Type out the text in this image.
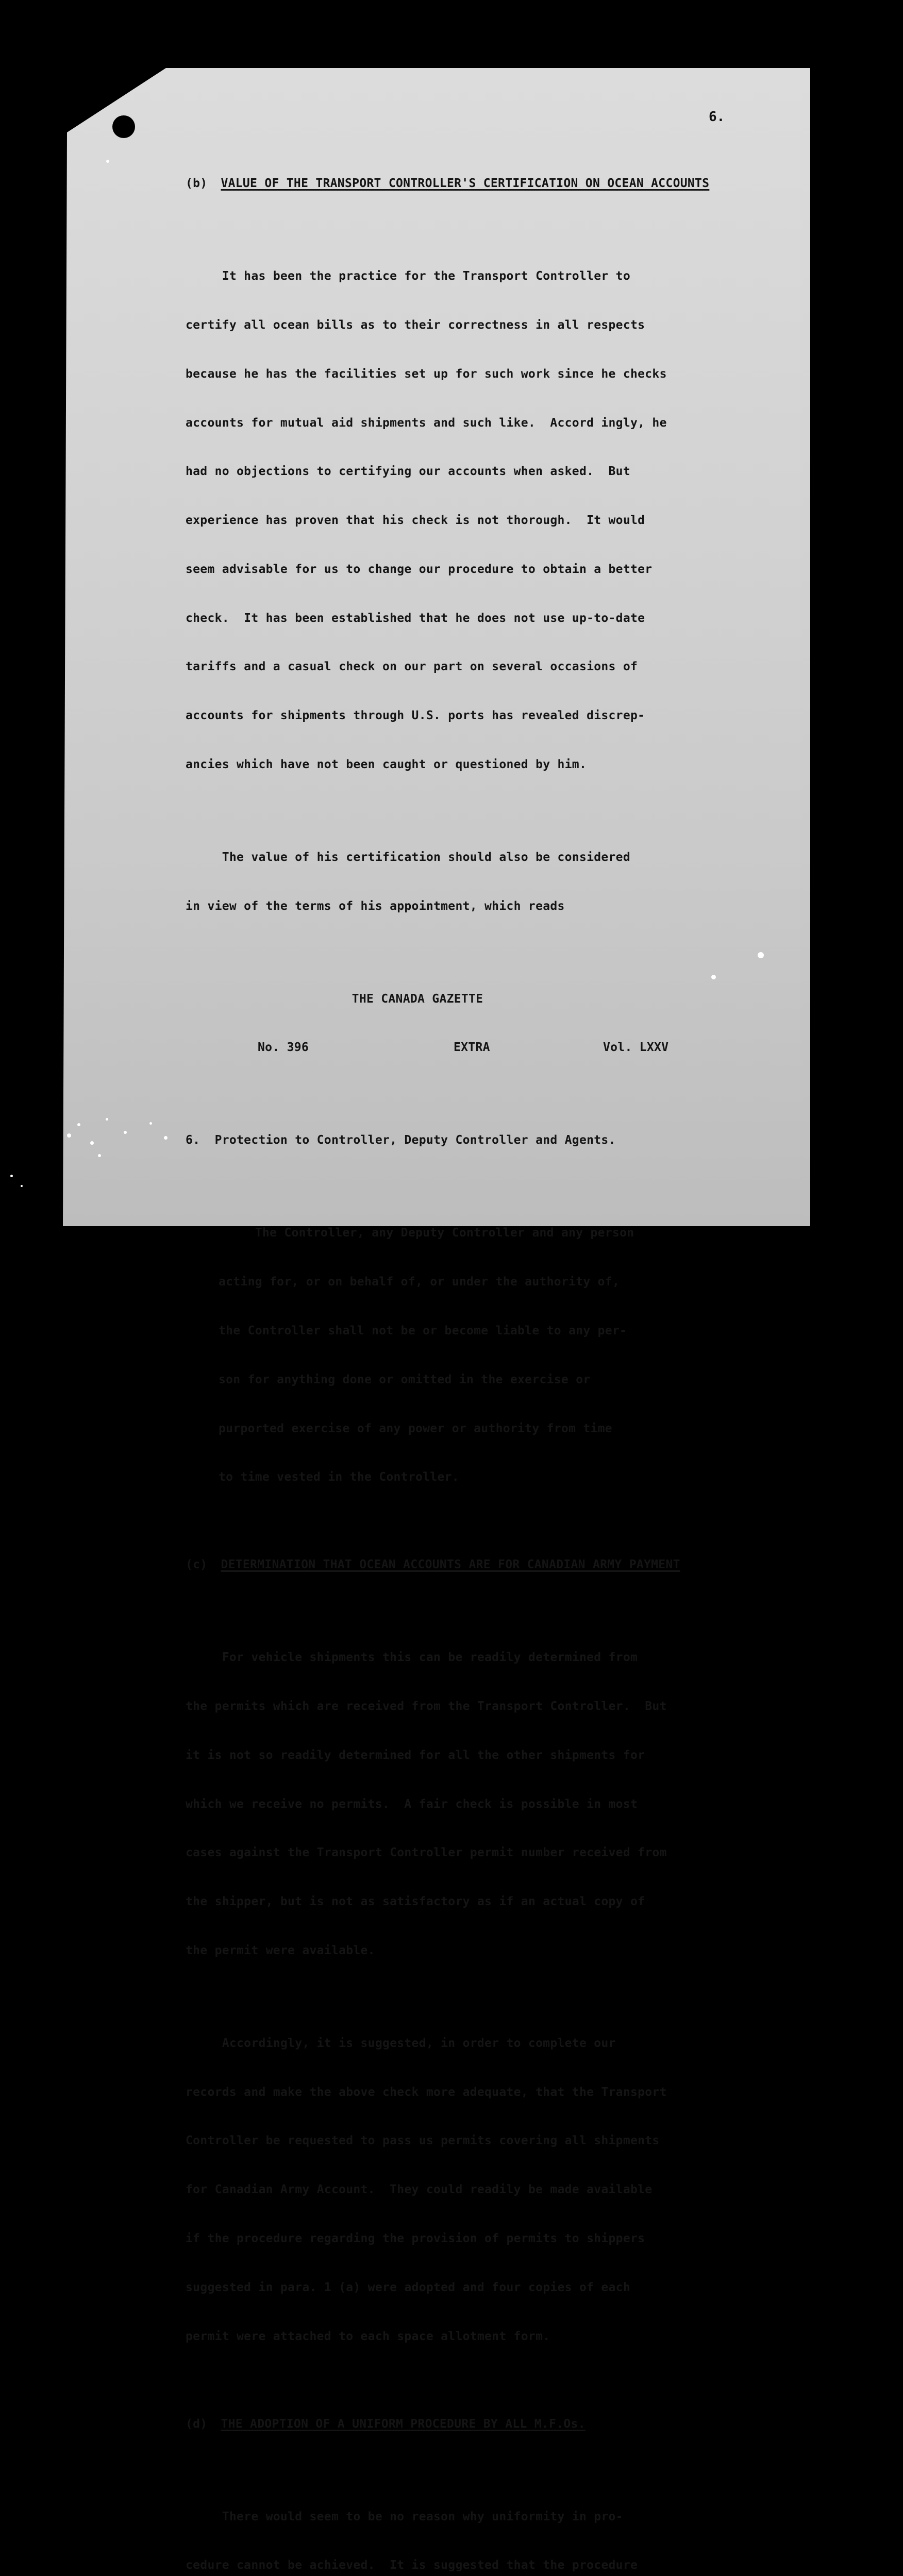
6.

(b) VALUE OF THE TRANSPORT CONTROLLER'S CERTIFICATION ON OCEAN ACCOUNTS

It has been the practice for the Transport Controller to

certify all ocean bills as to their correctness in all respects

because he has the facilities set up for such work since he checks

accounts for mutual aid shipments and such like.  Accord ingly, he

had no objections to certifying our accounts when asked.  But

experience has proven that his check is not thorough.  It would

seem advisable for us to change our procedure to obtain a better

check.  It has been established that he does not use up-to-date

tariffs and a casual check on our part on several occasions of

accounts for shipments through U.S. ports has revealed discrep-

ancies which have not been caught or questioned by him.

The value of his certification should also be considered

in view of the terms of his appointment, which reads

THE CANADA GAZETTE

No. 396	EXTRA	Vol. LXXV

6.  Protection to Controller, Deputy Controller and Agents.

The Controller, any Deputy Controller and any person

acting for, or on behalf of, or under the authority of,

the Controller shall not be or become liable to any per-

son for anything done or omitted in the exercise or

purported exercise of any power or authority from time

to time vested in the Controller.

(c) DETERMINATION THAT OCEAN ACCOUNTS ARE FOR CANADIAN ARMY PAYMENT

For vehicle shipments this can be readily determined from

the permits which are received from the Transport Controller.  But

it is not so readily determined for all the other shipments for

which we receive no permits.  A fair check is possible in most

cases against the Transport Controller permit number received from

the shipper, but is not as satisfactory as if an actual copy of

the permit were available.

Accordingly, it is suggested, in order to complete our

records and make the above check more adequate, that the Transport

Controller be requested to pass us permits covering all shipments

for Canadian Army Account.  They could readily be made available

if the procedure regarding the provision of permits to shippers

suggested in para. 1 (a) were adopted and four copies of each

permit were attached to each space allotment form.

(d) THE ADOPTION OF A UNIFORM PROCEDURE BY ALL M.F.Os.

There would seem to be no reason why uniformity in pro-

cedure cannot be achieved.  It is suggested that the procedure
